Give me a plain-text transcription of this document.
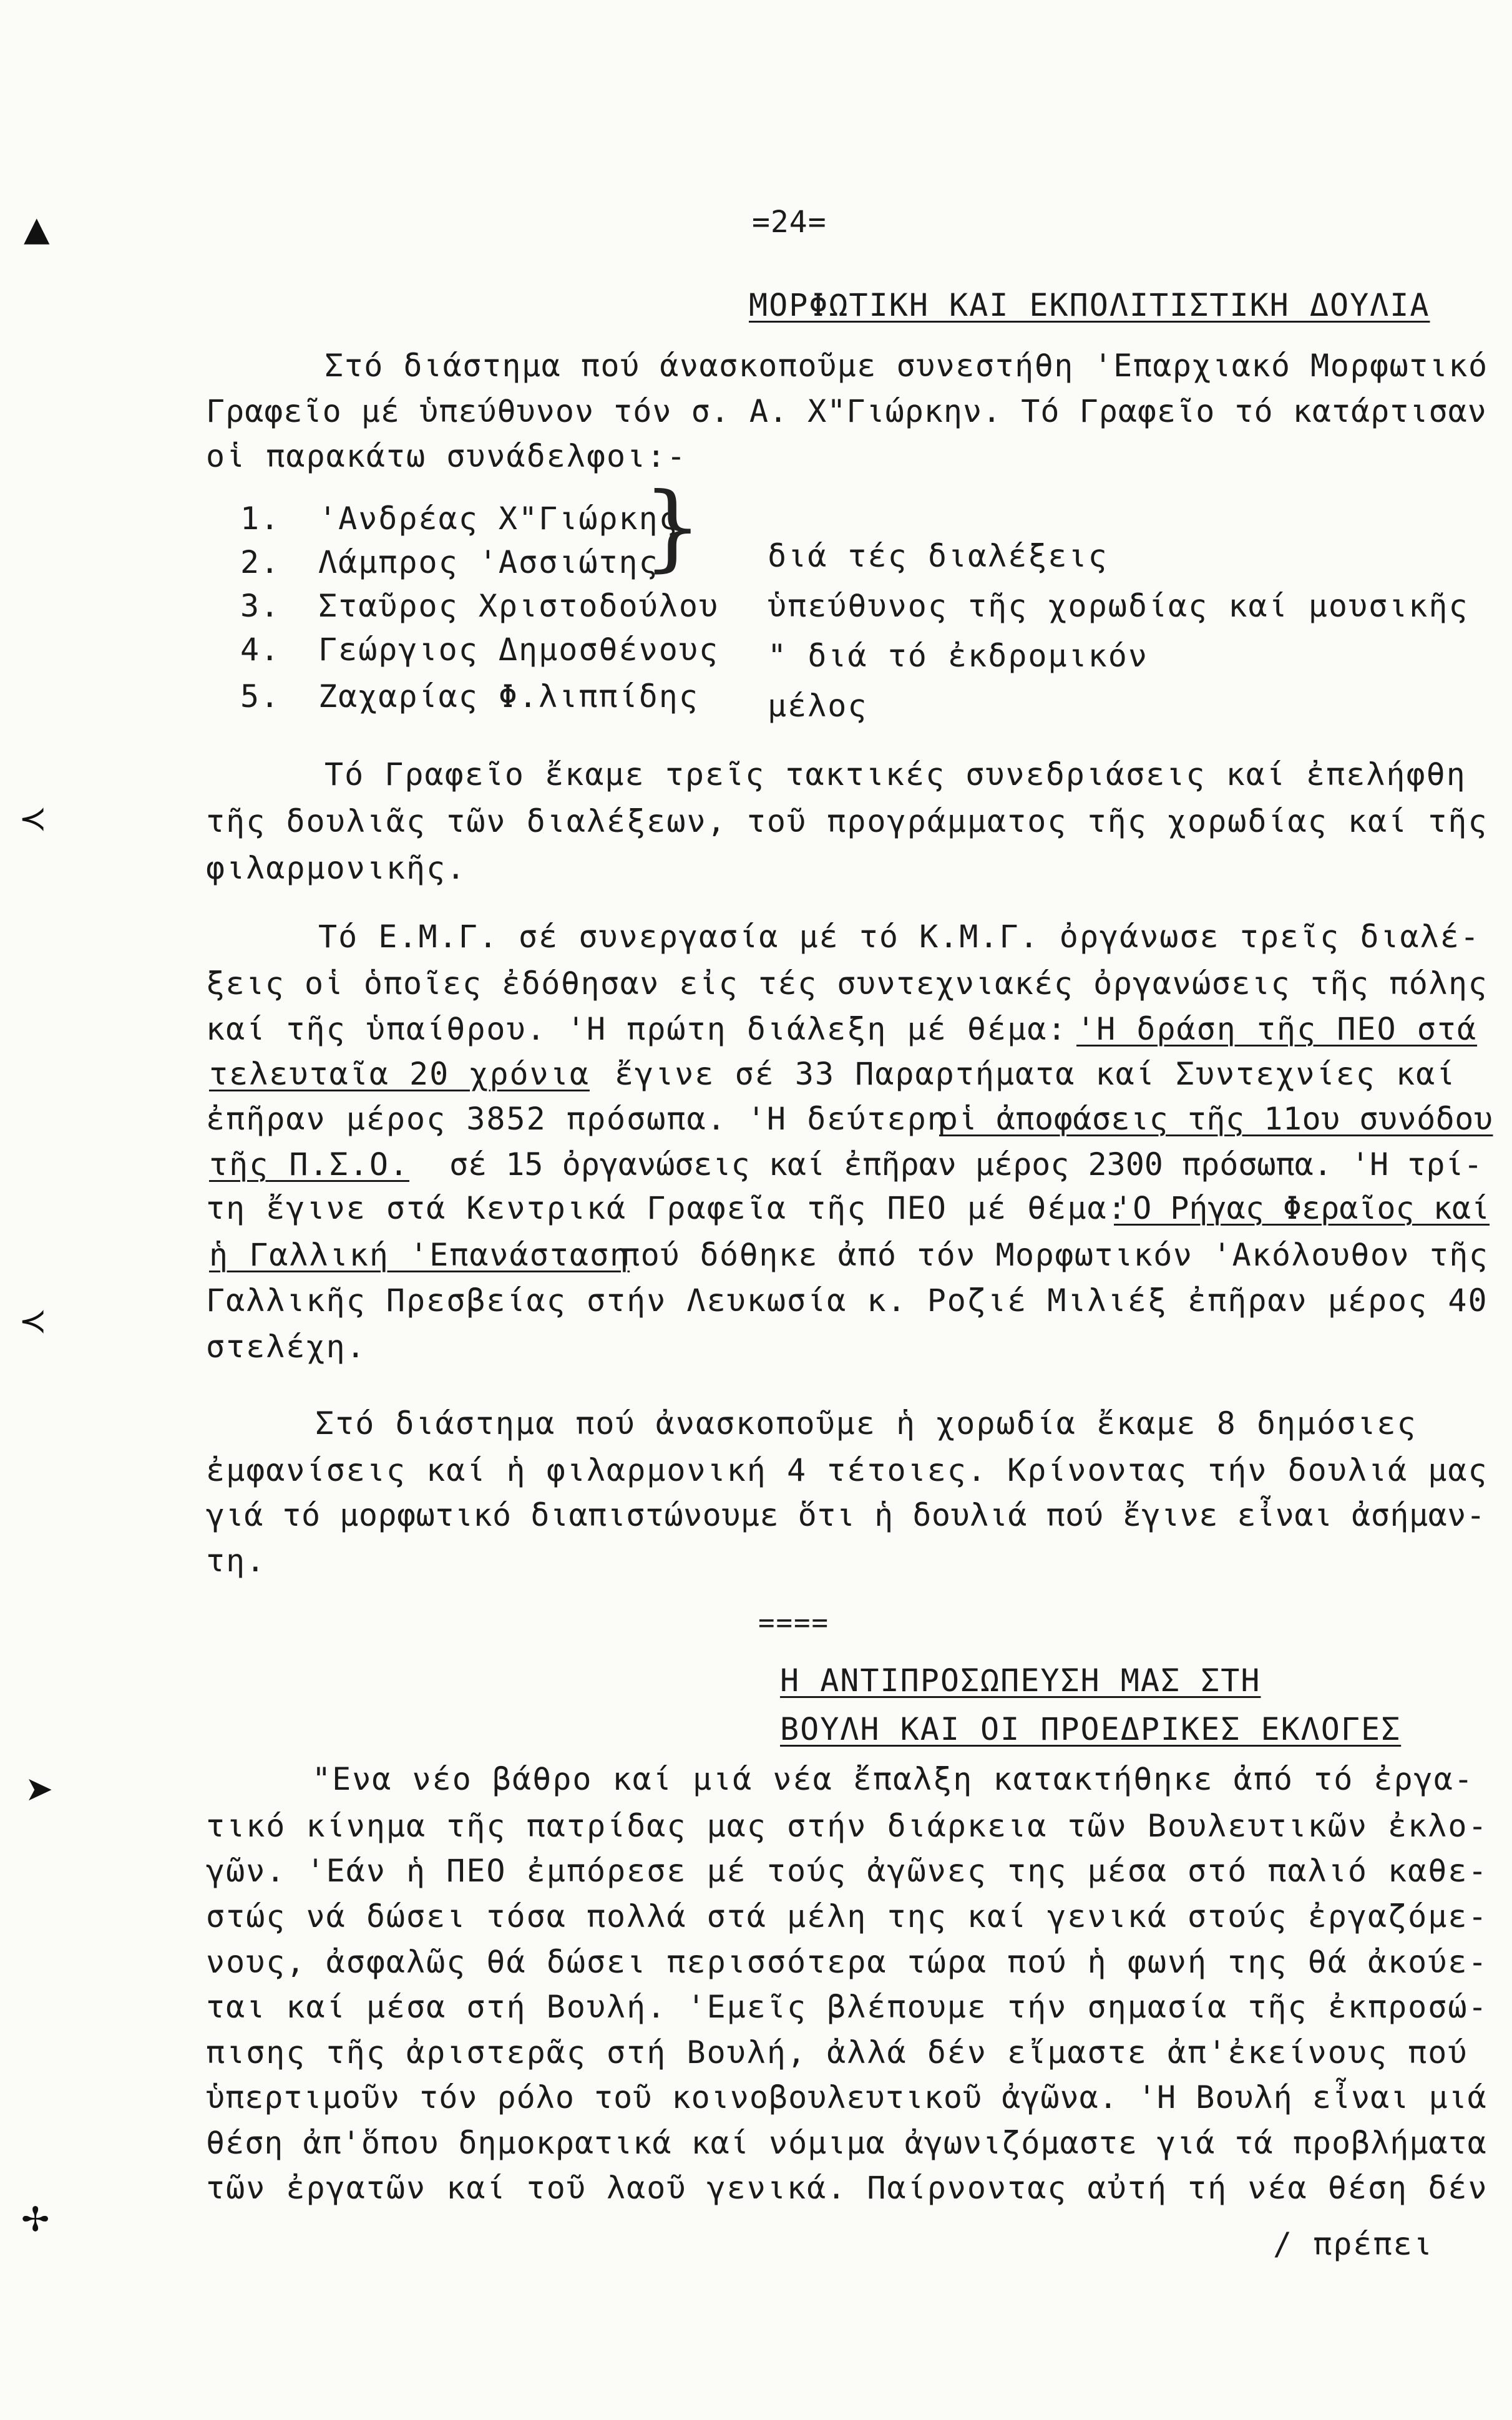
▲
≺
≺
➤
✢
=24=
ΜΟΡΦΩΤΙΚΗ ΚΑΙ ΕΚΠΟΛΙΤΙΣΤΙΚΗ ΔΟΥΛΙΑ
Στό διάστημα πού άνασκοποῦμε συνεστήθη 'Επαρχιακό Μορφωτικό
Γραφεῖο μέ ὑπεύθυνον τόν σ. Α. Χ"Γιώρκην. Τό Γραφεῖο τό κατάρτισαν
οἱ παρακάτω συνάδελφοι:-
1. 'Ανδρέας Χ"Γιώρκης
2. Λάμπρος 'Ασσιώτης
} διά τές διαλέξεις
3. Σταῦρος Χριστοδούλου ὑπεύθυνος τῆς χορωδίας καί μουσικῆς
4. Γεώργιος Δημοσθένους " διά τό ἐκδρομικόν
5. Ζαχαρίας Φ.λιππίδης μέλος
Τό Γραφεῖο ἔκαμε τρεῖς τακτικές συνεδριάσεις καί ἐπελήφθη
τῆς δουλιᾶς τῶν διαλέξεων, τοῦ προγράμματος τῆς χορωδίας καί τῆς
φιλαρμονικῆς.
Τό Ε.Μ.Γ. σέ συνεργασία μέ τό Κ.Μ.Γ. ὀργάνωσε τρεῖς διαλέ-
ξεις οἱ ὁποῖες ἐδόθησαν εἰς τές συντεχνιακές ὀργανώσεις τῆς πόλης
καί τῆς ὑπαίθρου. 'Η πρώτη διάλεξη μέ θέμα: 'Η δράση τῆς ΠΕΟ στά
τελευταῖα 20 χρόνια ἔγινε σέ 33 Παραρτήματα καί Συντεχνίες καί
ἐπῆραν μέρος 3852 πρόσωπα. 'Η δεύτερη
οἱ ἀποφάσεις τῆς 11ου συνόδου
τῆς Π.Σ.Ο. σέ 15 ὀργανώσεις καί ἐπῆραν μέρος 2300 πρόσωπα. 'Η τρί-
τη ἔγινε στά Κεντρικά Γραφεῖα τῆς ΠΕΟ μέ θέμα:
'Ο Ρήγας Φεραῖος καί
ἡ Γαλλική 'Επανάσταση
πού δόθηκε ἀπό τόν Μορφωτικόν 'Ακόλουθον τῆς
Γαλλικῆς Πρεσβείας στήν Λευκωσία κ. Ροζιέ Μιλιέξ ἐπῆραν μέρος 40
στελέχη.
Στό διάστημα πού ἀνασκοποῦμε ἡ χορωδία ἔκαμε 8 δημόσιες
ἐμφανίσεις καί ἡ φιλαρμονική 4 τέτοιες. Κρίνοντας τήν δουλιά μας
γιά τό μορφωτικό διαπιστώνουμε ὅτι ἡ δουλιά πού ἔγινε εἶναι ἀσήμαν-
τη.
====
Η ΑΝΤΙΠΡΟΣΩΠΕΥΣΗ ΜΑΣ ΣΤΗ
ΒΟΥΛΗ ΚΑΙ ΟΙ ΠΡΟΕΔΡΙΚΕΣ ΕΚΛΟΓΕΣ
"Ενα νέο βάθρο καί μιά νέα ἔπαλξη κατακτήθηκε ἀπό τό ἐργα-
τικό κίνημα τῆς πατρίδας μας στήν διάρκεια τῶν Βουλευτικῶν ἐκλο-
γῶν. 'Εάν ἡ ΠΕΟ ἐμπόρεσε μέ τούς ἀγῶνες της μέσα στό παλιό καθε-
στώς νά δώσει τόσα πολλά στά μέλη της καί γενικά στούς ἐργαζόμε-
νους, ἀσφαλῶς θά δώσει περισσότερα τώρα πού ἡ φωνή της θά ἀκούε-
ται καί μέσα στή Βουλή. 'Εμεῖς βλέπουμε τήν σημασία τῆς ἐκπροσώ-
πισης τῆς ἀριστερᾶς στή Βουλή, ἀλλά δέν εἴμαστε ἀπ'ἐκείνους πού
ὑπερτιμοῦν τόν ρόλο τοῦ κοινοβουλευτικοῦ ἀγῶνα. 'Η Βουλή εἶναι μιά
θέση ἀπ'ὅπου δημοκρατικά καί νόμιμα ἀγωνιζόμαστε γιά τά προβλήματα
τῶν ἐργατῶν καί τοῦ λαοῦ γενικά. Παίρνοντας αὐτή τή νέα θέση δέν
/ πρέπει
